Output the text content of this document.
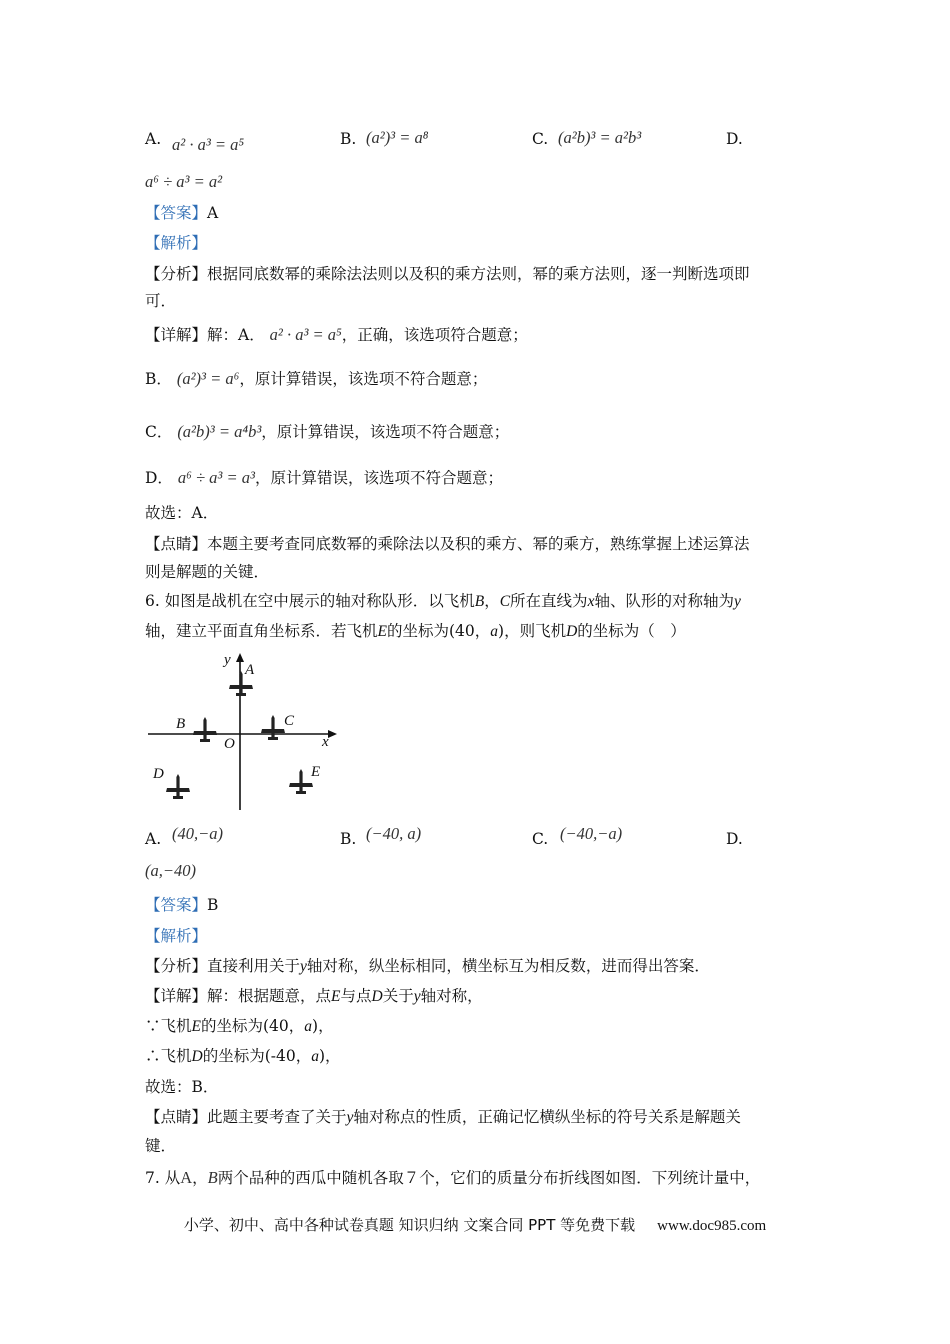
A. a² · a³ = a⁵	B. (a²)³ = a⁸	C. (a²b)³ = a²b³	D.
a⁶ ÷ a³ = a²
【答案】A
【解析】
【分析】根据同底数幂的乘除法法则以及积的乘方法则，幂的乘方法则，逐一判断选项即
可．
【详解】解：A． a² · a³ = a⁵，正确，该选项符合题意；
B． (a²)³ = a⁶，原计算错误，该选项不符合题意；
C． (a²b)³ = a⁴b³，原计算错误，该选项不符合题意；
D． a⁶ ÷ a³ = a³，原计算错误，该选项不符合题意；
故选：A．
【点睛】本题主要考查同底数幂的乘除法以及积的乘方、幂的乘方，熟练掌握上述运算法
则是解题的关键．
6. 如图是战机在空中展示的轴对称队形．以飞机B，C所在直线为x轴、队形的对称轴为y
轴，建立平面直角坐标系．若飞机E的坐标为(40，a)，则飞机D的坐标为（　）
y
A
B	C
O	x
D	E
A. (40,−a)	B. (−40, a)	C. (−40,−a)	D.
(a,−40)
【答案】B
【解析】
【分析】直接利用关于y轴对称，纵坐标相同，横坐标互为相反数，进而得出答案．
【详解】解：根据题意，点E与点D关于y轴对称，
∵飞机E的坐标为(40，a)，
∴飞机D的坐标为(-40，a)，
故选：B．
【点睛】此题主要考查了关于y轴对称点的性质，正确记忆横纵坐标的符号关系是解题关
键．
7. 从A，B两个品种的西瓜中随机各取７个，它们的质量分布折线图如图．下列统计量中，
小学、初中、高中各种试卷真题 知识归纳 文案合同 PPT 等免费下载 www.doc985.com
